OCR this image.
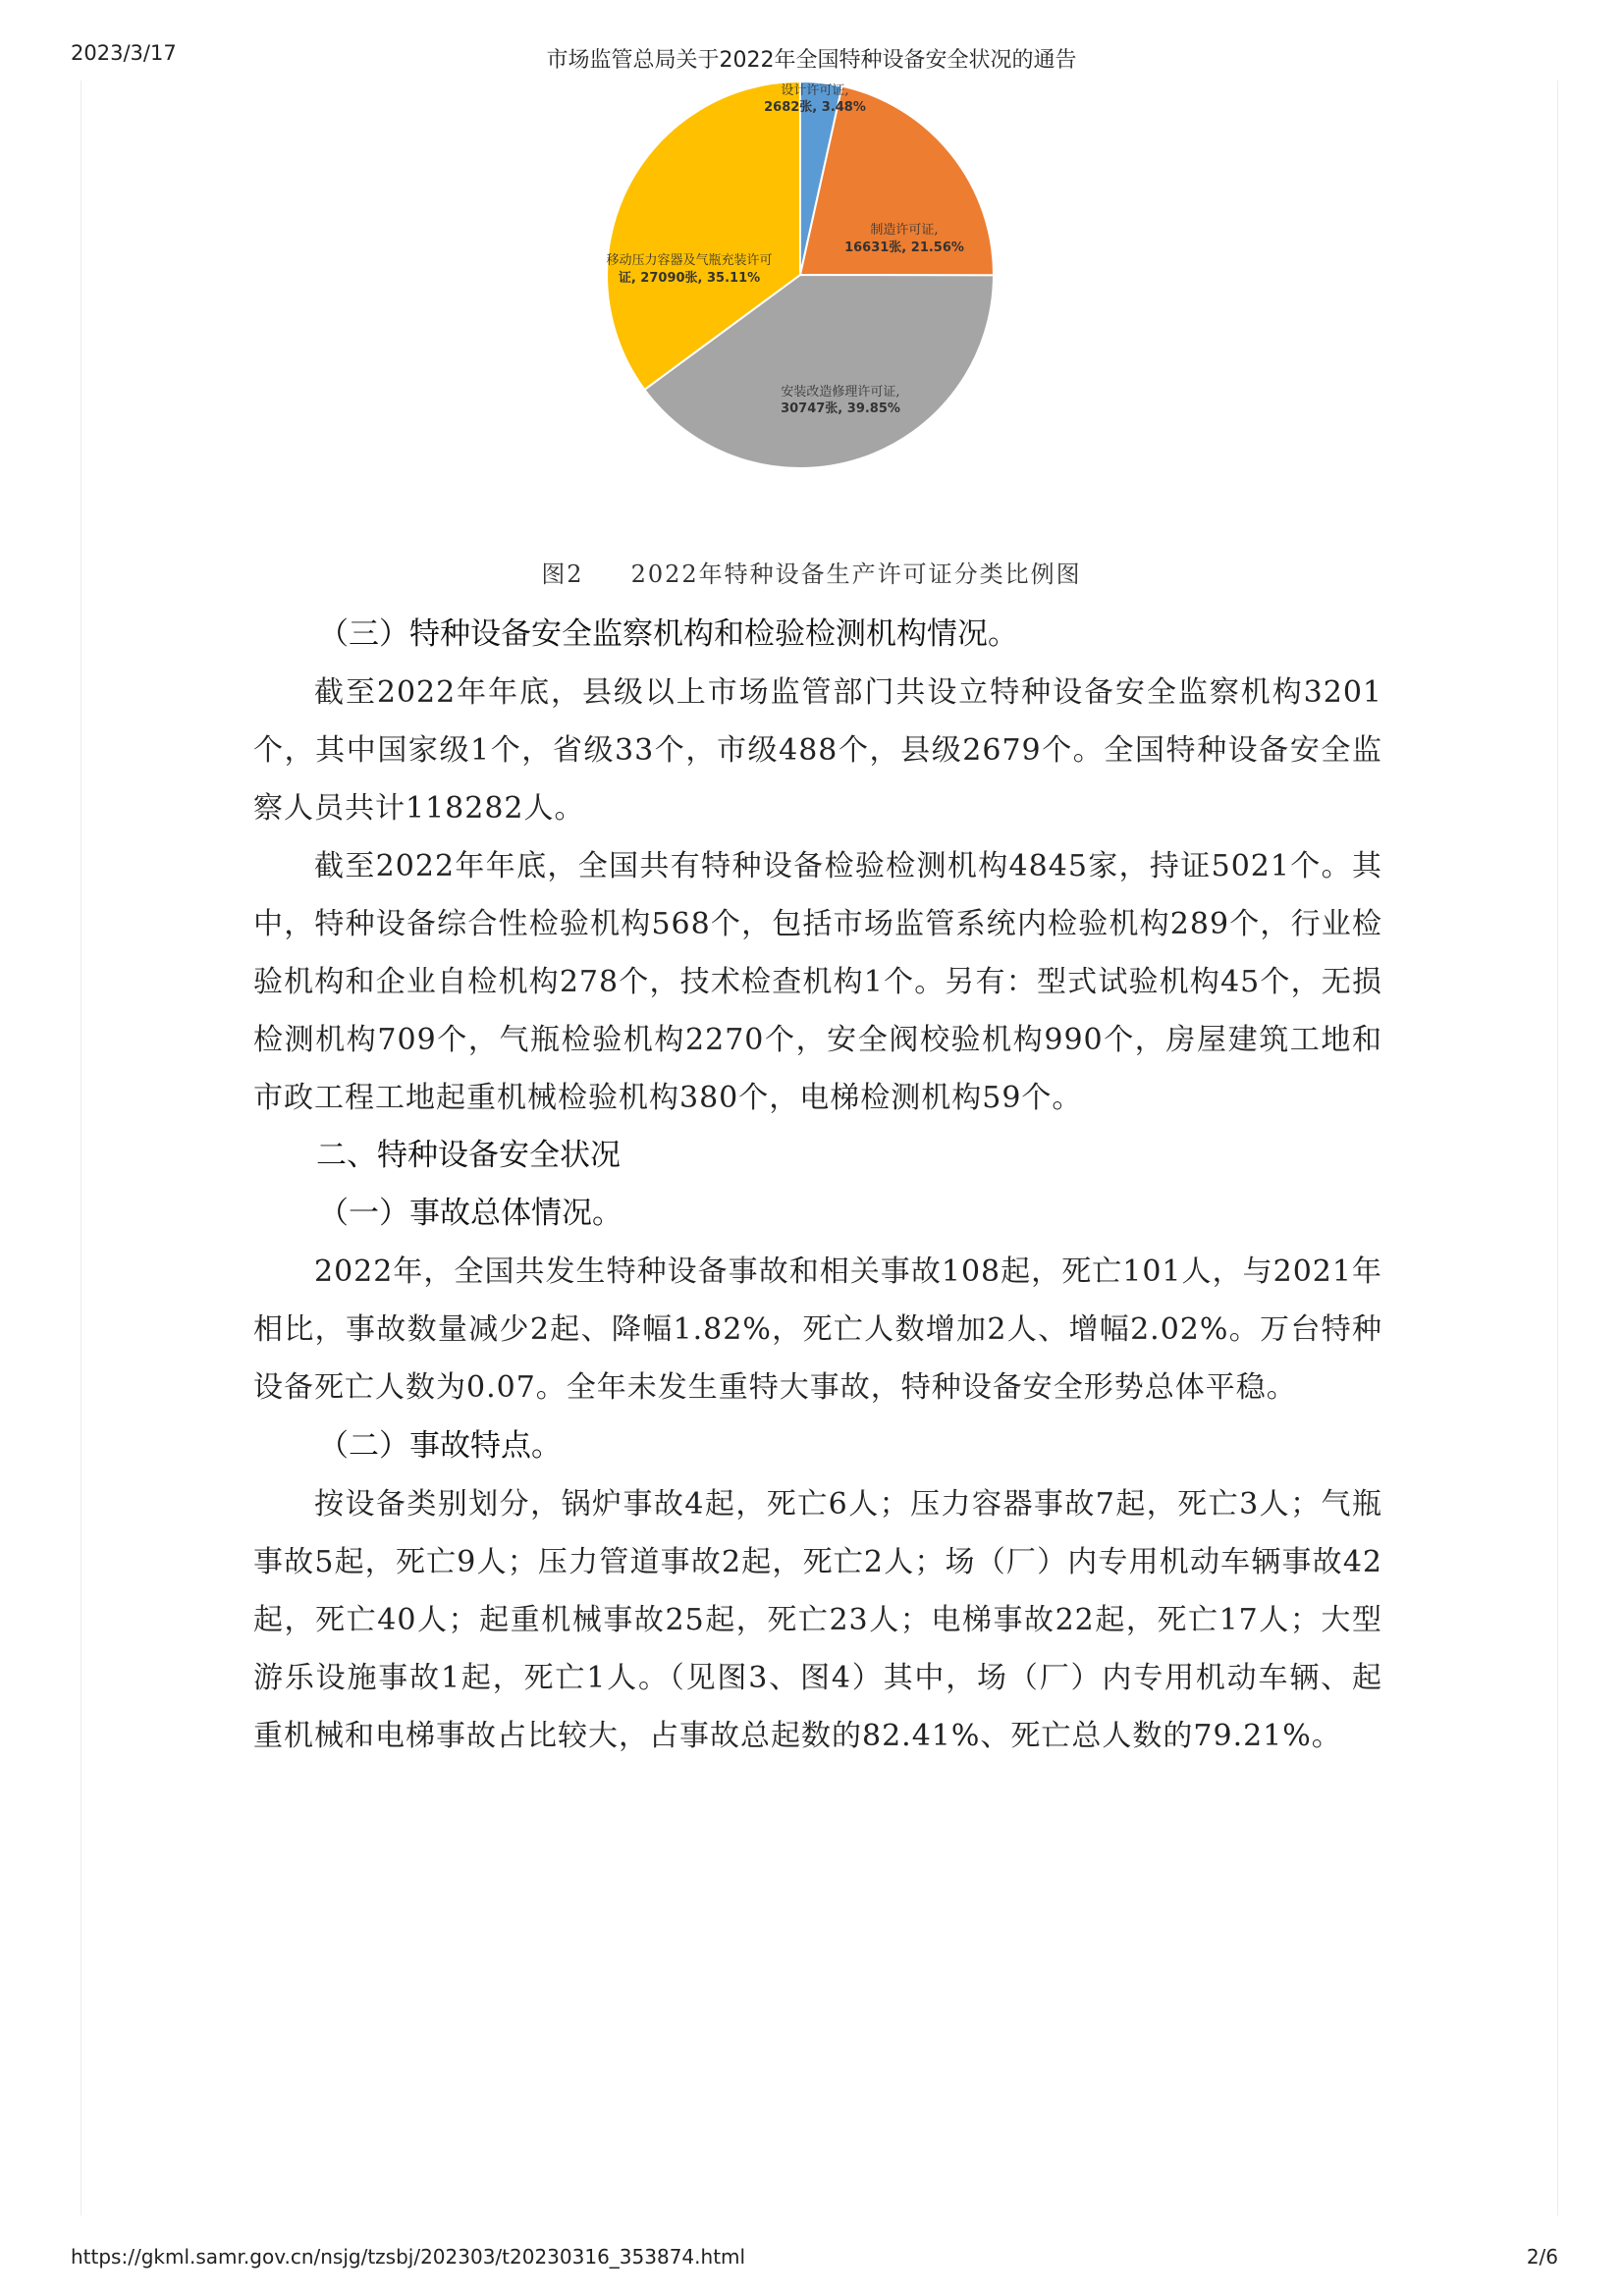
2023/3/17	市场监管总局关于2022年全国特种设备安全状况的通告
设计许可证,
2682张, 3.48%
制造许可证,
16631张, 21.56%
安装改造修理许可证,
30747张, 39.85%
移动压力容器及气瓶充装许可
证, 27090张, 35.11%
图2 2022年特种设备生产许可证分类比例图
（三）特种设备安全监察机构和检验检测机构情况。

截至2022年年底，县级以上市场监管部门共设立特种设备安全监察机构3201个，其中国家级1个，省级33个，市级488个，县级2679个。全国特种设备安全监察人员共计118282人。

截至2022年年底，全国共有特种设备检验检测机构4845家，持证5021个。其中，特种设备综合性检验机构568个，包括市场监管系统内检验机构289个，行业检验机构和企业自检机构278个，技术检查机构1个。另有：型式试验机构45个，无损检测机构709个，气瓶检验机构2270个，安全阀校验机构990个，房屋建筑工地和市政工程工地起重机械检验机构380个，电梯检测机构59个。

二、特种设备安全状况
（一）事故总体情况。

2022年，全国共发生特种设备事故和相关事故108起，死亡101人，与2021年相比，事故数量减少2起、降幅1.82%，死亡人数增加2人、增幅2.02%。万台特种设备死亡人数为0.07。全年未发生重特大事故，特种设备安全形势总体平稳。

（二）事故特点。

按设备类别划分，锅炉事故4起，死亡6人；压力容器事故7起，死亡3人；气瓶事故5起，死亡9人；压力管道事故2起，死亡2人；场（厂）内专用机动车辆事故42起，死亡40人；起重机械事故25起，死亡23人；电梯事故22起，死亡17人；大型游乐设施事故1起，死亡1人。（见图3、图4）其中，场（厂）内专用机动车辆、起重机械和电梯事故占比较大，占事故总起数的82.41%、死亡总人数的79.21%。

https://gkml.samr.gov.cn/nsjg/tzsbj/202303/t20230316_353874.html	2/6
